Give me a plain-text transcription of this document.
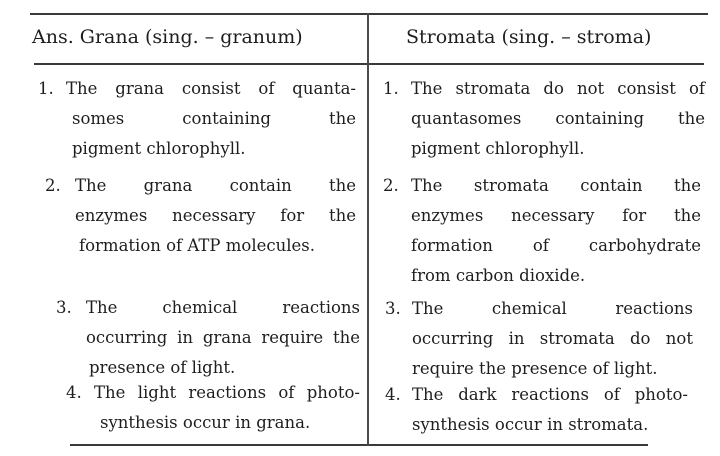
Ans. Grana (sing. – granum)	Stromata (sing. – stroma)
1. The grana consist of quanta-
somes containing the
pigment chlorophyll.
2. The grana contain the
enzymes necessary for the
formation of ATP molecules.
3. The chemical reactions
occurring in grana require the
presence of light.
4. The light reactions of photo-
synthesis occur in grana.
1. The stromata do not consist of
quantasomes containing the
pigment chlorophyll.
2. The stromata contain the
enzymes necessary for the
formation of carbohydrate
from carbon dioxide.
3. The chemical reactions
occurring in stromata do not
require the presence of light.
4. The dark reactions of photo-
synthesis occur in stromata.
